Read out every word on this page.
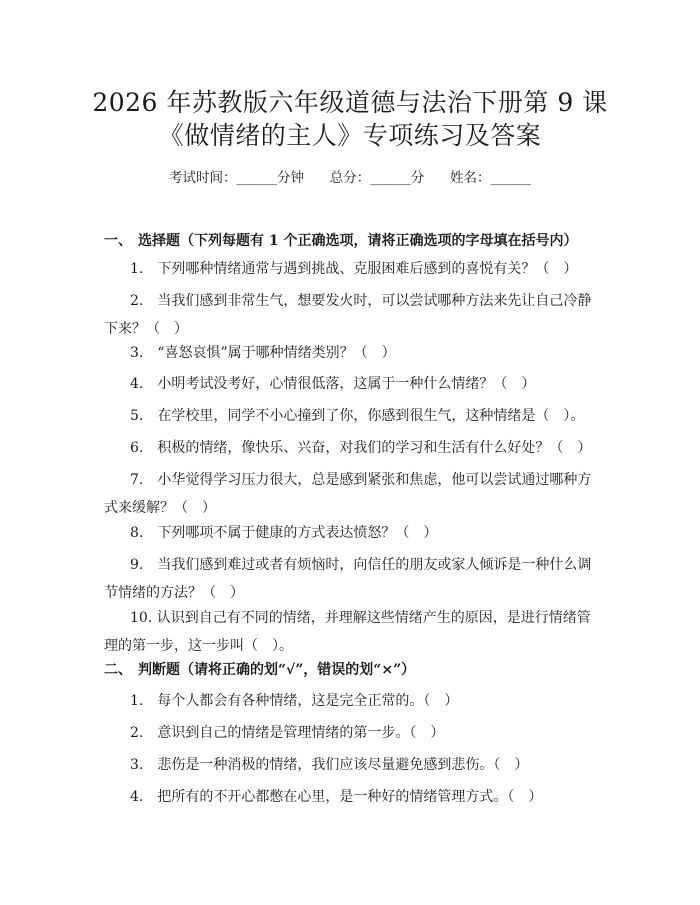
2026 年苏教版六年级道德与法治下册第 9 课
《做情绪的主人》专项练习及答案
考试时间：______分钟      总分：______分      姓名：______
一、 选择题（下列每题有 1 个正确选项，请将正确选项的字母填在括号内）
1.　下列哪种情绪通常与遇到挑战、克服困难后感到的喜悦有关？（　）
2.　当我们感到非常生气，想要发火时，可以尝试哪种方法来先让自己冷静下来？（　）
3.　“喜怒哀惧”属于哪种情绪类别？（　）
4.　小明考试没考好，心情很低落，这属于一种什么情绪？（　）
5.　在学校里，同学不小心撞到了你，你感到很生气，这种情绪是（　）。
6.　积极的情绪，像快乐、兴奋，对我们的学习和生活有什么好处？（　）
7.　小华觉得学习压力很大，总是感到紧张和焦虑，他可以尝试通过哪种方式来缓解？（　）
8.　下列哪项不属于健康的方式表达愤怒？（　）
9.　当我们感到难过或者有烦恼时，向信任的朋友或家人倾诉是一种什么调节情绪的方法？（　）
10. 认识到自己有不同的情绪，并理解这些情绪产生的原因，是进行情绪管理的第一步，这一步叫（　）。
二、 判断题（请将正确的划“√”，错误的划“×”）
1.　每个人都会有各种情绪，这是完全正常的。（　）
2.　意识到自己的情绪是管理情绪的第一步。（　）
3.　悲伤是一种消极的情绪，我们应该尽量避免感到悲伤。（　）
4.　把所有的不开心都憋在心里，是一种好的情绪管理方式。（　）
